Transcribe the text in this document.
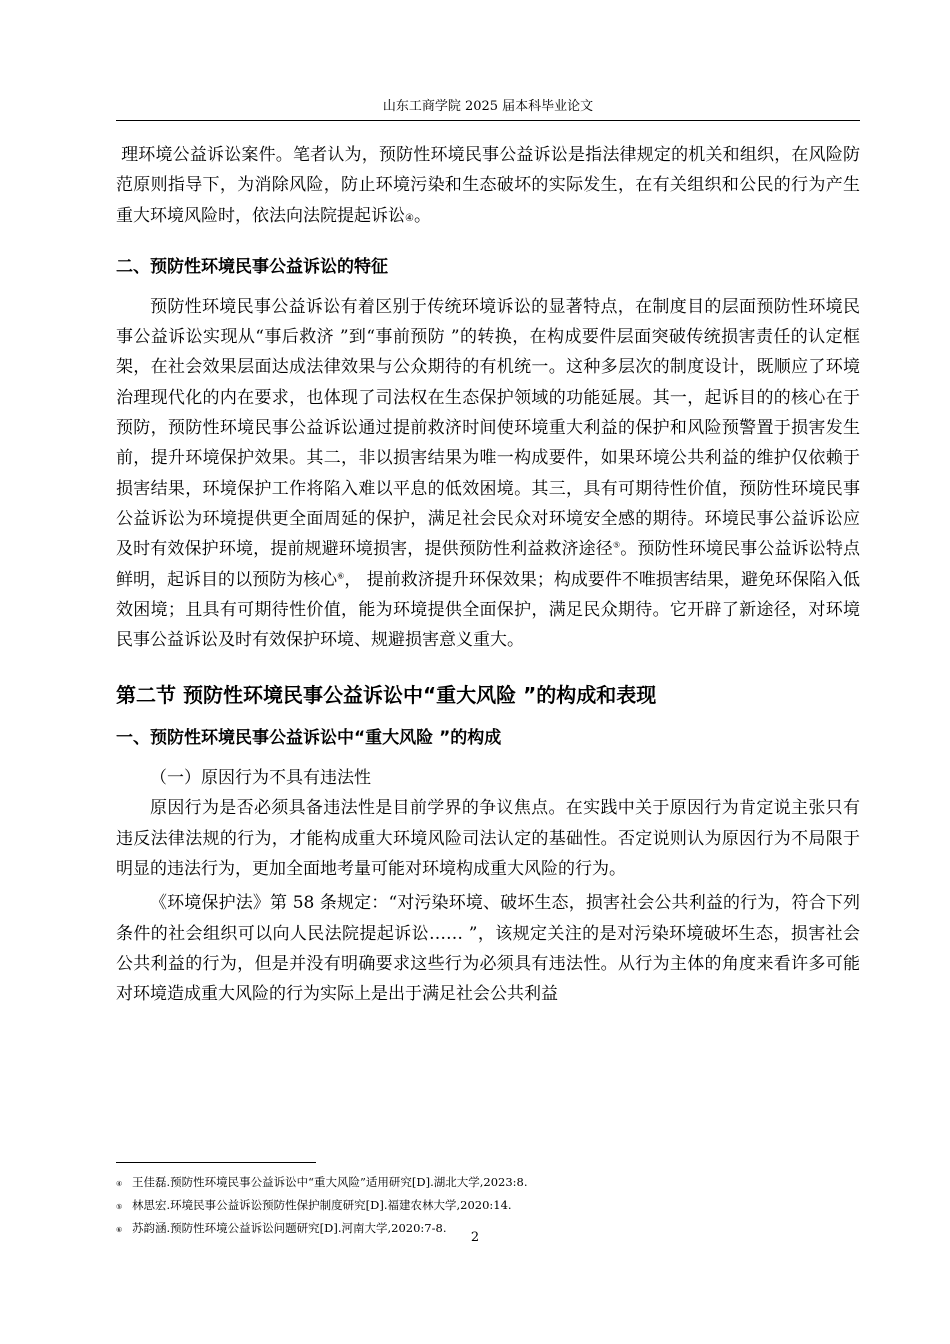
山东工商学院 2025 届本科毕业论文

理环境公益诉讼案件。笔者认为，预防性环境民事公益诉讼是指法律规定的机关和组织，在风险防范原则指导下，为消除风险，防止环境污染和生态破坏的实际发生，在有关组织和公民的行为产生重大环境风险时，依法向法院提起诉讼④。

二、预防性环境民事公益诉讼的特征

预防性环境民事公益诉讼有着区别于传统环境诉讼的显著特点，在制度目的层面预防性环境民事公益诉讼实现从“事后救济 ”到“事前预防 ”的转换，在构成要件层面突破传统损害责任的认定框架，在社会效果层面达成法律效果与公众期待的有机统一。这种多层次的制度设计，既顺应了环境治理现代化的内在要求，也体现了司法权在生态保护领域的功能延展。其一，起诉目的的核心在于预防，预防性环境民事公益诉讼通过提前救济时间使环境重大利益的保护和风险预警置于损害发生前，提升环境保护效果。其二，非以损害结果为唯一构成要件，如果环境公共利益的维护仅依赖于损害结果，环境保护工作将陷入难以平息的低效困境。其三，具有可期待性价值，预防性环境民事公益诉讼为环境提供更全面周延的保护，满足社会民众对环境安全感的期待。环境民事公益诉讼应及时有效保护环境，提前规避环境损害，提供预防性利益救济途径⑤。预防性环境民事公益诉讼特点鲜明，起诉目的以预防为核心⑥， 提前救济提升环保效果；构成要件不唯损害结果，避免环保陷入低效困境；且具有可期待性价值，能为环境提供全面保护，满足民众期待。它开辟了新途径，对环境民事公益诉讼及时有效保护环境、规避损害意义重大。

第二节 预防性环境民事公益诉讼中“重大风险 ”的构成和表现
一、预防性环境民事公益诉讼中“重大风险 ”的构成

（一）原因行为不具有违法性

原因行为是否必须具备违法性是目前学界的争议焦点。在实践中关于原因行为肯定说主张只有违反法律法规的行为，才能构成重大环境风险司法认定的基础性。否定说则认为原因行为不局限于明显的违法行为，更加全面地考量可能对环境构成重大风险的行为。

《环境保护法》第 58 条规定：“对污染环境、破坏生态，损害社会公共利益的行为，符合下列条件的社会组织可以向人民法院提起诉讼…… ”，该规定关注的是对污染环境破坏生态，损害社会公共利益的行为，但是并没有明确要求这些行为必须具有违法性。从行为主体的角度来看许多可能对环境造成重大风险的行为实际上是出于满足社会公共利益

④ 王佳磊.预防性环境民事公益诉讼中“重大风险”适用研究[D].湖北大学,2023:8.
⑤ 林思宏.环境民事公益诉讼预防性保护制度研究[D].福建农林大学,2020:14.
⑥ 苏韵涵.预防性环境公益诉讼问题研究[D].河南大学,2020:7-8.
2
